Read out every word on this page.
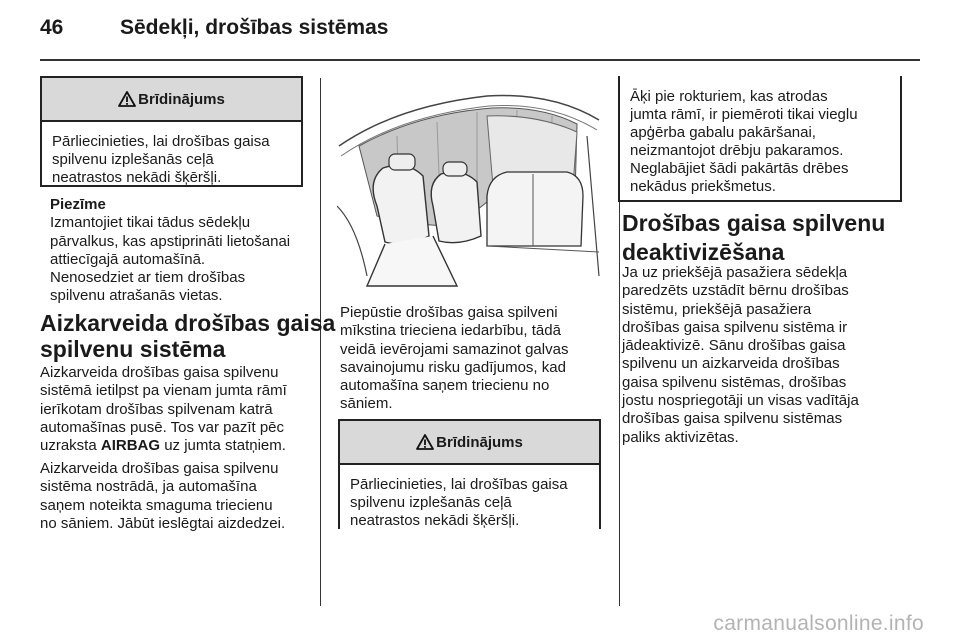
46	Sēdekļi, drošības sistēmas
Brīdinājums
Pārliecinieties, lai drošības gaisa
spilvenu izplešanās ceļā
neatrastos nekādi šķēršļi.
Piezīme
Izmantojiet tikai tādus sēdekļu
pārvalkus, kas apstiprināti lietošanai
attiecīgajā automašīnā.
Nenosedziet ar tiem drošības
spilvenu atrašanās vietas.
Aizkarveida drošības gaisa
spilvenu sistēma
Aizkarveida drošības gaisa spilvenu
sistēmā ietilpst pa vienam jumta rāmī
ierīkotam drošības spilvenam katrā
automašīnas pusē. Tos var pazīt pēc
uzraksta AIRBAG uz jumta statņiem.
Aizkarveida drošības gaisa spilvenu
sistēma nostrādā, ja automašīna
saņem noteikta smaguma triecienu
no sāniem. Jābūt ieslēgtai aizdedzei.
Piepūstie drošības gaisa spilveni
mīkstina trieciena iedarbību, tādā
veidā ievērojami samazinot galvas
savainojumu risku gadījumos, kad
automašīna saņem triecienu no
sāniem.
Brīdinājums
Pārliecinieties, lai drošības gaisa
spilvenu izplešanās ceļā
neatrastos nekādi šķēršļi.
Āķi pie rokturiem, kas atrodas
jumta rāmī, ir piemēroti tikai vieglu
apģērba gabalu pakāršanai,
neizmantojot drēbju pakaramos.
Neglabājiet šādi pakārtās drēbes
nekādus priekšmetus.
Drošības gaisa spilvenu
deaktivizēšana
Ja uz priekšējā pasažiera sēdekļa
paredzēts uzstādīt bērnu drošības
sistēmu, priekšējā pasažiera
drošības gaisa spilvenu sistēma ir
jādeaktivizē. Sānu drošības gaisa
spilvenu un aizkarveida drošības
gaisa spilvenu sistēmas, drošības
jostu nospriegotāji un visas vadītāja
drošības gaisa spilvenu sistēmas
paliks aktivizētas.
carmanualsonline.info
